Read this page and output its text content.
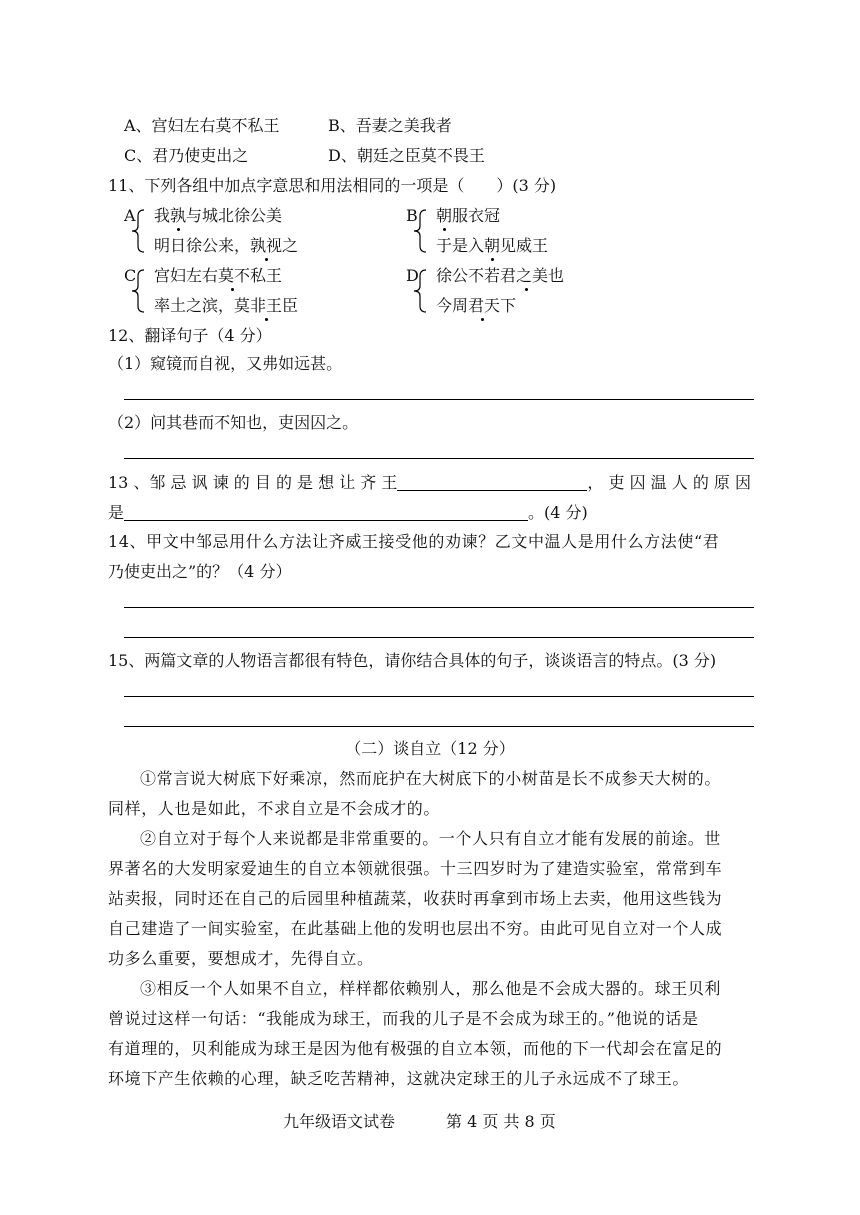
A、宫妇左右莫不私王	B、吾妻之美我者
C、君乃使吏出之	D、朝廷之臣莫不畏王
11、下列各组中加点字意思和用法相同的一项是（　　）(3 分)
A 我孰与城北徐公美
明日徐公来，孰视之
B 朝服衣冠
于是入朝见威王
C 宫妇左右莫不私王
率土之滨，莫非王臣
D 徐公不若君之美也
今周君天下
12、翻译句子（4 分）
（1）窥镜而自视，又弗如远甚。
（2）问其巷而不知也，吏因囚之。
13 、邹 忌 讽 谏 的 目 的 是 想 让 齐 王	， 吏 囚 温 人 的 原 因
是	。(4 分)
14、甲文中邹忌用什么方法让齐威王接受他的劝谏？乙文中温人是用什么方法使“君
乃使吏出之”的？（4 分）
15、两篇文章的人物语言都很有特色，请你结合具体的句子，谈谈语言的特点。(3 分)
（二）谈自立（12 分）
①常言说大树底下好乘凉，然而庇护在大树底下的小树苗是长不成参天大树的。
同样，人也是如此，不求自立是不会成才的。
②自立对于每个人来说都是非常重要的。一个人只有自立才能有发展的前途。世
界著名的大发明家爱迪生的自立本领就很强。十三四岁时为了建造实验室，常常到车
站卖报，同时还在自己的后园里种植蔬菜，收获时再拿到市场上去卖，他用这些钱为
自己建造了一间实验室，在此基础上他的发明也层出不穷。由此可见自立对一个人成
功多么重要，要想成才，先得自立。
③相反一个人如果不自立，样样都依赖别人，那么他是不会成大器的。球王贝利
曾说过这样一句话：“我能成为球王，而我的儿子是不会成为球王的。”他说的话是
有道理的，贝利能成为球王是因为他有极强的自立本领，而他的下一代却会在富足的
环境下产生依赖的心理，缺乏吃苦精神，这就决定球王的儿子永远成不了球王。
九年级语文试卷	第 4 页 共 8 页
